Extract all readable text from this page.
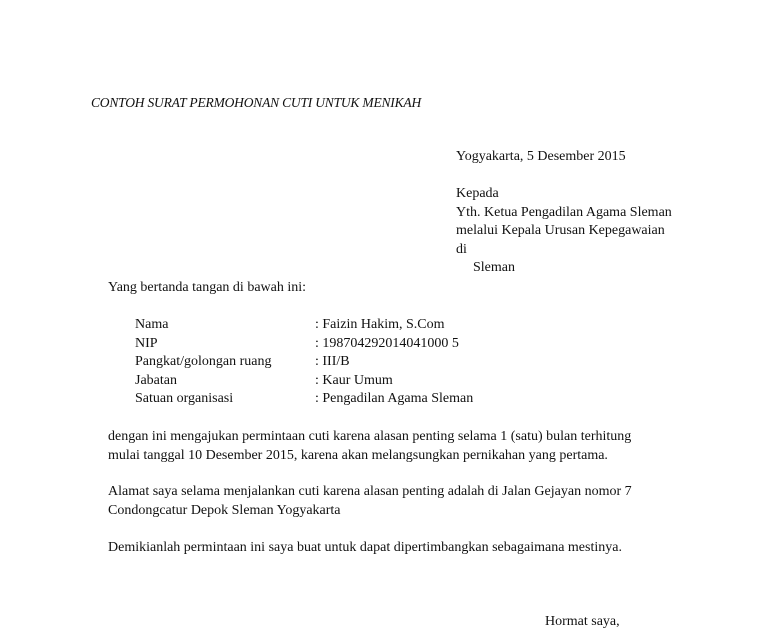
CONTOH SURAT PERMOHONAN CUTI UNTUK MENIKAH
Yogyakarta, 5 Desember 2015
Kepada
Yth. Ketua Pengadilan Agama Sleman
melalui Kepala Urusan Kepegawaian
di
Sleman
Yang bertanda tangan di bawah ini:
Nama	: Faizin Hakim, S.Com
NIP	: 198704292014041000 5
Pangkat/golongan ruang	: III/B
Jabatan	: Kaur Umum
Satuan organisasi	: Pengadilan Agama Sleman
dengan ini mengajukan permintaan cuti karena alasan penting selama 1 (satu) bulan terhitung
mulai tanggal 10 Desember 2015, karena akan melangsungkan pernikahan yang pertama.
Alamat saya selama menjalankan cuti karena alasan penting adalah di Jalan Gejayan nomor 7
Condongcatur Depok Sleman Yogyakarta
Demikianlah permintaan ini saya buat untuk dapat dipertimbangkan sebagaimana mestinya.
Hormat saya,
